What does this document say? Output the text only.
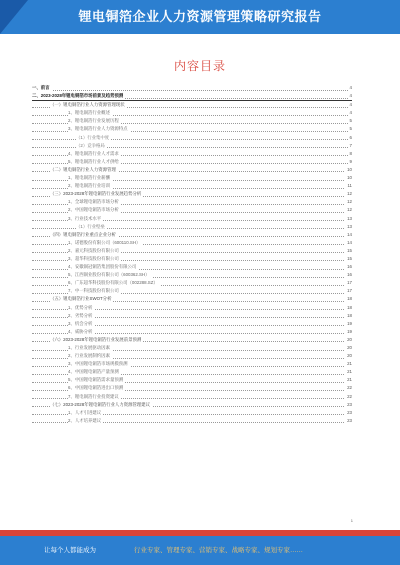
锂电铜箔企业人力资源管理策略研究报告
内容目录
一、前言	4
二、2023-2028年锂电铜箔市场前景及趋势预测	4
（一）锂电铜箔行业人力资源管理现状	4
1、锂电铜箔行业概述	4
2、锂电铜箔行业发展历程	5
3、锂电铜箔行业人力资源特点	5
（1）行业集中度	6
（2）竞争格局	7
4、锂电铜箔行业人才需求	8
5、锂电铜箔行业人才供给	9
（二）锂电铜箔行业人力资源管理	10
1、锂电铜箔行业薪酬	10
2、锂电铜箔行业培训	11
（三）2023-2028年锂电铜箔行业发展趋势分析	12
1、全球锂电铜箔市场分析	12
2、中国锂电铜箔市场分析	12
3、行业技术水平	13
（1）行业壁垒	13
（四）锂电铜箔行业重点企业分析	14
1、诺德股份有限公司（600110.SH）	14
2、嘉元科技股份有限公司	15
3、超华科技股份有限公司	15
4、安徽铜冠铜箔集团股份有限公司	16
5、江西铜业股份有限公司（600362.SH）	16
6、广东超华科技股份有限公司（002288.SZ）	17
7、中一科技股份有限公司	17
（五）锂电铜箔行业SWOT分析	18
1、优势分析	18
2、劣势分析	18
3、机会分析	19
4、威胁分析	19
（六）2023-2028年锂电铜箔行业发展前景预测	20
1、行业发展驱动因素	20
2、行业发展制约因素	20
3、中国锂电铜箔市场规模预测	21
4、中国锂电铜箔产量预测	21
5、中国锂电铜箔需求量预测	21
6、中国锂电铜箔进出口预测	22
7、锂电铜箔行业投资建议	22
（七）2023-2028年锂电铜箔行业人力资源管理建议	23
1、人才引进建议	23
2、人才培养建议	23
1
让每个人都能成为	行业专家、管理专家、营销专家、战略专家、规划专家……
